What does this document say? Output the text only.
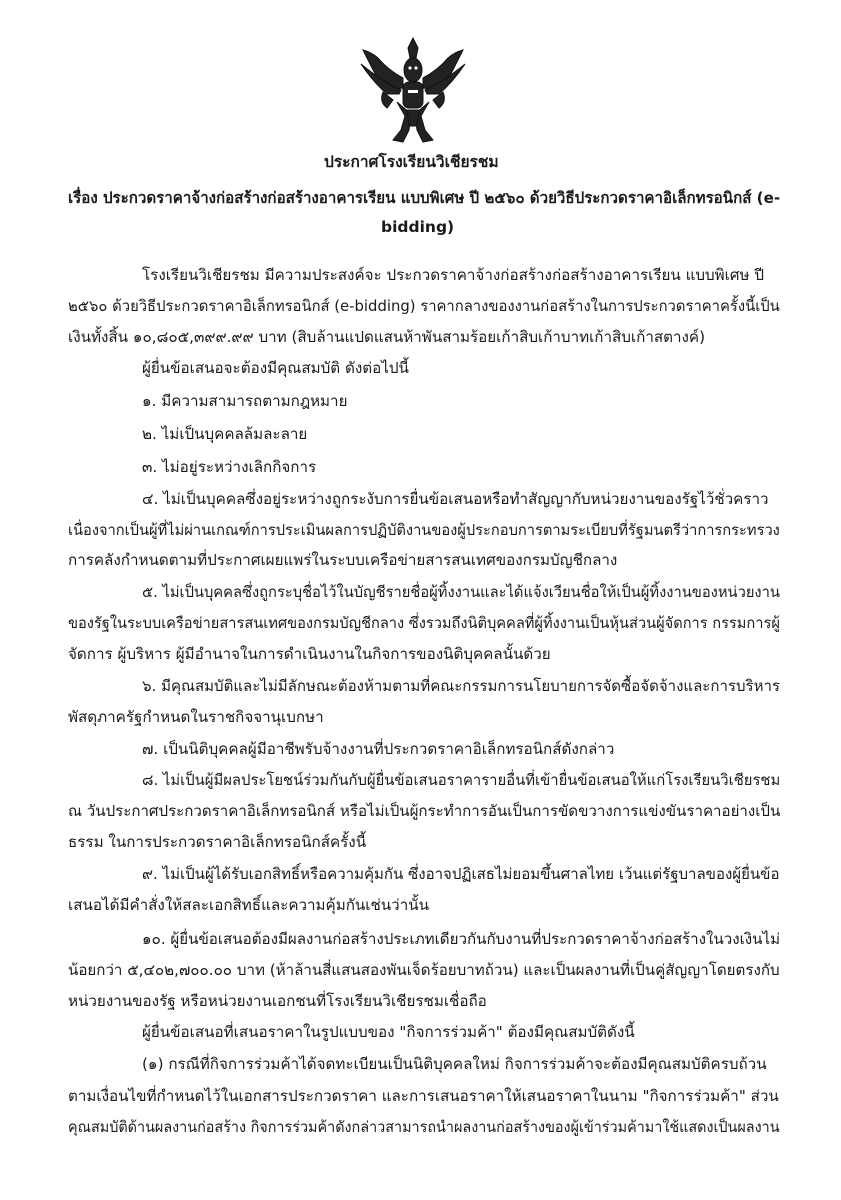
ประกาศโรงเรียนวิเชียรชม
เรื่อง ประกวดราคาจ้างก่อสร้างก่อสร้างอาคารเรียน แบบพิเศษ ปี ๒๕๖๐ ด้วยวิธีประกวดราคาอิเล็กทรอนิกส์ (e-
bidding)
โรงเรียนวิเชียรชม มีความประสงค์จะ ประกวดราคาจ้างก่อสร้างก่อสร้างอาคารเรียน แบบพิเศษ ปี
๒๕๖๐ ด้วยวิธีประกวดราคาอิเล็กทรอนิกส์ (e-bidding) ราคากลางของงานก่อสร้างในการประกวดราคาครั้งนี้เป็น
เงินทั้งสิ้น ๑๐,๘๐๕,๓๙๙.๙๙ บาท (สิบล้านแปดแสนห้าพันสามร้อยเก้าสิบเก้าบาทเก้าสิบเก้าสตางค์)
ผู้ยื่นข้อเสนอจะต้องมีคุณสมบัติ ดังต่อไปนี้
๑. มีความสามารถตามกฎหมาย
๒. ไม่เป็นบุคคลล้มละลาย
๓. ไม่อยู่ระหว่างเลิกกิจการ
๔. ไม่เป็นบุคคลซึ่งอยู่ระหว่างถูกระงับการยื่นข้อเสนอหรือทำสัญญากับหน่วยงานของรัฐไว้ชั่วคราว
เนื่องจากเป็นผู้ที่ไม่ผ่านเกณฑ์การประเมินผลการปฏิบัติงานของผู้ประกอบการตามระเบียบที่รัฐมนตรีว่าการกระทรวง
การคลังกำหนดตามที่ประกาศเผยแพร่ในระบบเครือข่ายสารสนเทศของกรมบัญชีกลาง
๕. ไม่เป็นบุคคลซึ่งถูกระบุชื่อไว้ในบัญชีรายชื่อผู้ทิ้งงานและได้แจ้งเวียนชื่อให้เป็นผู้ทิ้งงานของหน่วยงาน
ของรัฐในระบบเครือข่ายสารสนเทศของกรมบัญชีกลาง ซึ่งรวมถึงนิติบุคคลที่ผู้ทิ้งงานเป็นหุ้นส่วนผู้จัดการ กรรมการผู้
จัดการ ผู้บริหาร ผู้มีอำนาจในการดำเนินงานในกิจการของนิติบุคคลนั้นด้วย
๖. มีคุณสมบัติและไม่มีลักษณะต้องห้ามตามที่คณะกรรมการนโยบายการจัดซื้อจัดจ้างและการบริหาร
พัสดุภาครัฐกำหนดในราชกิจจานุเบกษา
๗. เป็นนิติบุคคลผู้มีอาชีพรับจ้างงานที่ประกวดราคาอิเล็กทรอนิกส์ดังกล่าว
๘. ไม่เป็นผู้มีผลประโยชน์ร่วมกันกับผู้ยื่นข้อเสนอราคารายอื่นที่เข้ายื่นข้อเสนอให้แก่โรงเรียนวิเชียรชม
ณ วันประกาศประกวดราคาอิเล็กทรอนิกส์ หรือไม่เป็นผู้กระทำการอันเป็นการขัดขวางการแข่งขันราคาอย่างเป็น
ธรรม ในการประกวดราคาอิเล็กทรอนิกส์ครั้งนี้
๙. ไม่เป็นผู้ได้รับเอกสิทธิ์หรือความคุ้มกัน ซึ่งอาจปฏิเสธไม่ยอมขึ้นศาลไทย เว้นแต่รัฐบาลของผู้ยื่นข้อ
เสนอได้มีคำสั่งให้สละเอกสิทธิ์และความคุ้มกันเช่นว่านั้น
๑๐. ผู้ยื่นข้อเสนอต้องมีผลงานก่อสร้างประเภทเดียวกันกับงานที่ประกวดราคาจ้างก่อสร้างในวงเงินไม่
น้อยกว่า ๕,๔๐๒,๗๐๐.๐๐ บาท (ห้าล้านสี่แสนสองพันเจ็ดร้อยบาทถ้วน) และเป็นผลงานที่เป็นคู่สัญญาโดยตรงกับ
หน่วยงานของรัฐ หรือหน่วยงานเอกชนที่โรงเรียนวิเชียรชมเชื่อถือ
ผู้ยื่นข้อเสนอที่เสนอราคาในรูปแบบของ "กิจการร่วมค้า" ต้องมีคุณสมบัติดังนี้
(๑) กรณีที่กิจการร่วมค้าได้จดทะเบียนเป็นนิติบุคคลใหม่ กิจการร่วมค้าจะต้องมีคุณสมบัติครบถ้วน
ตามเงื่อนไขที่กำหนดไว้ในเอกสารประกวดราคา และการเสนอราคาให้เสนอราคาในนาม "กิจการร่วมค้า" ส่วน
คุณสมบัติด้านผลงานก่อสร้าง กิจการร่วมค้าดังกล่าวสามารถนำผลงานก่อสร้างของผู้เข้าร่วมค้ามาใช้แสดงเป็นผลงาน
